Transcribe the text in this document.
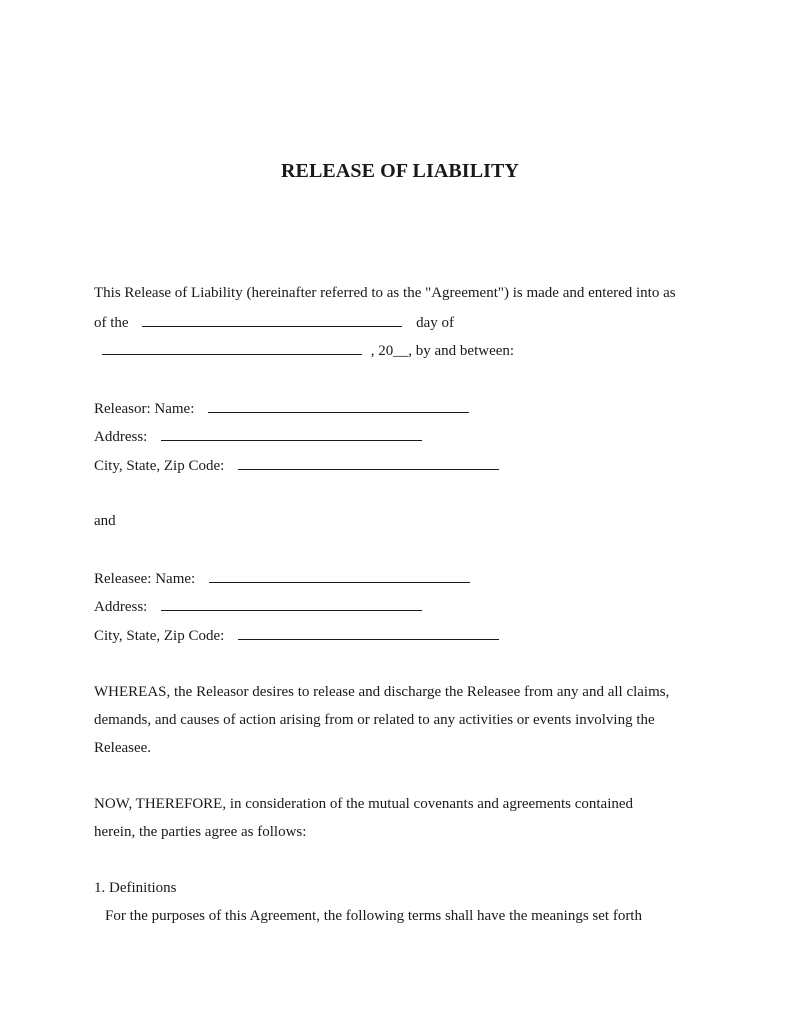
RELEASE OF LIABILITY
This Release of Liability (hereinafter referred to as the "Agreement") is made and entered into as
of the	day of
, 20__, by and between:
Releasor: Name:
Address:
City, State, Zip Code:
and
Releasee: Name:
Address:
City, State, Zip Code:
WHEREAS, the Releasor desires to release and discharge the Releasee from any and all claims,
demands, and causes of action arising from or related to any activities or events involving the
Releasee.
NOW, THEREFORE, in consideration of the mutual covenants and agreements contained
herein, the parties agree as follows:
1. Definitions
For the purposes of this Agreement, the following terms shall have the meanings set forth
